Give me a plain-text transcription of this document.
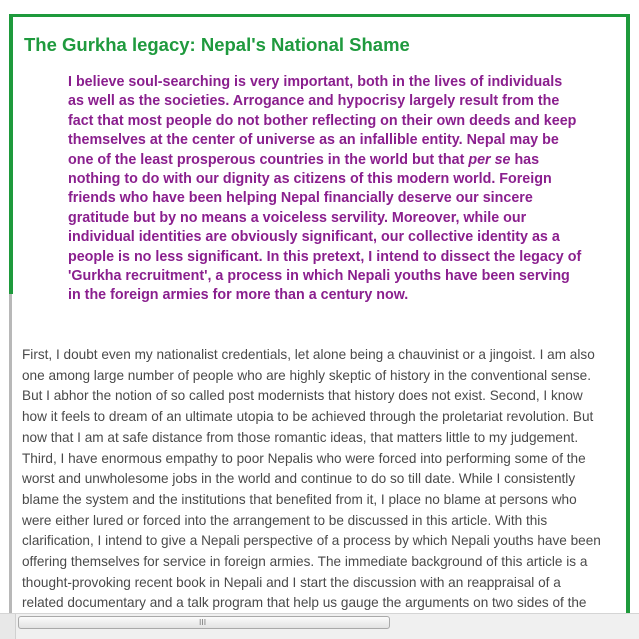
The Gurkha legacy: Nepal's National Shame

I believe soul-searching is very important, both in the lives of individuals
as well as the societies. Arrogance and hypocrisy largely result from the
fact that most people do not bother reflecting on their own deeds and keep
themselves at the center of universe as an infallible entity. Nepal may be
one of the least prosperous countries in the world but that per se has
nothing to do with our dignity as citizens of this modern world. Foreign
friends who have been helping Nepal financially deserve our sincere
gratitude but by no means a voiceless servility. Moreover, while our
individual identities are obviously significant, our collective identity as a
people is no less significant. In this pretext, I intend to dissect the legacy of
'Gurkha recruitment', a process in which Nepali youths have been serving
in the foreign armies for more than a century now.

First, I doubt even my nationalist credentials, let alone being a chauvinist or a jingoist. I am also
one among large number of people who are highly skeptic of history in the conventional sense.
But I abhor the notion of so called post modernists that history does not exist. Second, I know
how it feels to dream of an ultimate utopia to be achieved through the proletariat revolution. But
now that I am at safe distance from those romantic ideas, that matters little to my judgement.
Third, I have enormous empathy to poor Nepalis who were forced into performing some of the
worst and unwholesome jobs in the world and continue to do so till date. While I consistently
blame the system and the institutions that benefited from it, I place no blame at persons who
were either lured or forced into the arrangement to be discussed in this article. With this
clarification, I intend to give a Nepali perspective of a process by which Nepali youths have been
offering themselves for service in foreign armies. The immediate background of this article is a
thought-provoking recent book in Nepali and I start the discussion with an reappraisal of a
related documentary and a talk program that help us gauge the arguments on two sides of the

III
